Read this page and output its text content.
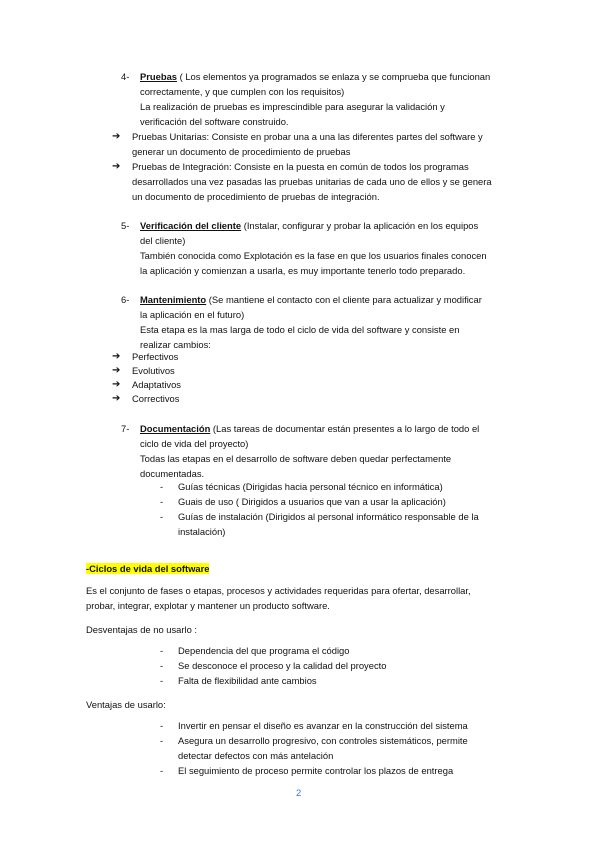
4- Pruebas ( Los elementos ya programados se enlaza y se comprueba que funcionan
correctamente, y que cumplen con los requisitos)
La realización de pruebas es imprescindible para asegurar la validación y
verificación del software construido.
➔ Pruebas Unitarias: Consiste en probar una a una las diferentes partes del software y
generar un documento de procedimiento de pruebas
➔ Pruebas de Integración: Consiste en la puesta en común de todos los programas
desarrollados una vez pasadas las pruebas unitarias de cada uno de ellos y se genera
un documento de procedimiento de pruebas de integración.
5- Verificación del cliente (Instalar, configurar y probar la aplicación en los equipos
del cliente)
También conocida como Explotación es la fase en que los usuarios finales conocen
la aplicación y comienzan a usarla, es muy importante tenerlo todo preparado.
6- Mantenimiento (Se mantiene el contacto con el cliente para actualizar y modificar
la aplicación en el futuro)
Esta etapa es la mas larga de todo el ciclo de vida del software y consiste en
realizar cambios:
➔ Perfectivos
➔ Evolutivos
➔ Adaptativos
➔ Correctivos
7- Documentación (Las tareas de documentar están presentes a lo largo de todo el
ciclo de vida del proyecto)
Todas las etapas en el desarrollo de software deben quedar perfectamente
documentadas.
- Guías técnicas (Dirigidas hacia personal técnico en informática)
- Guais de uso ( Dirigidos a usuarios que van a usar la aplicación)
- Guías de instalación (Dirigidos al personal informático responsable de la
instalación)
-Ciclos de vida del software
Es el conjunto de fases o etapas, procesos y actividades requeridas para ofertar, desarrollar,
probar, integrar, explotar y mantener un producto software.
Desventajas de no usarlo :
- Dependencia del que programa el código
- Se desconoce el proceso y la calidad del proyecto
- Falta de flexibilidad ante cambios
Ventajas de usarlo:
- Invertir en pensar el diseño es avanzar en la construcción del sistema
- Asegura un desarrollo progresivo, con controles sistemáticos, permite
detectar defectos con más antelación
- El seguimiento de proceso permite controlar los plazos de entrega
2
